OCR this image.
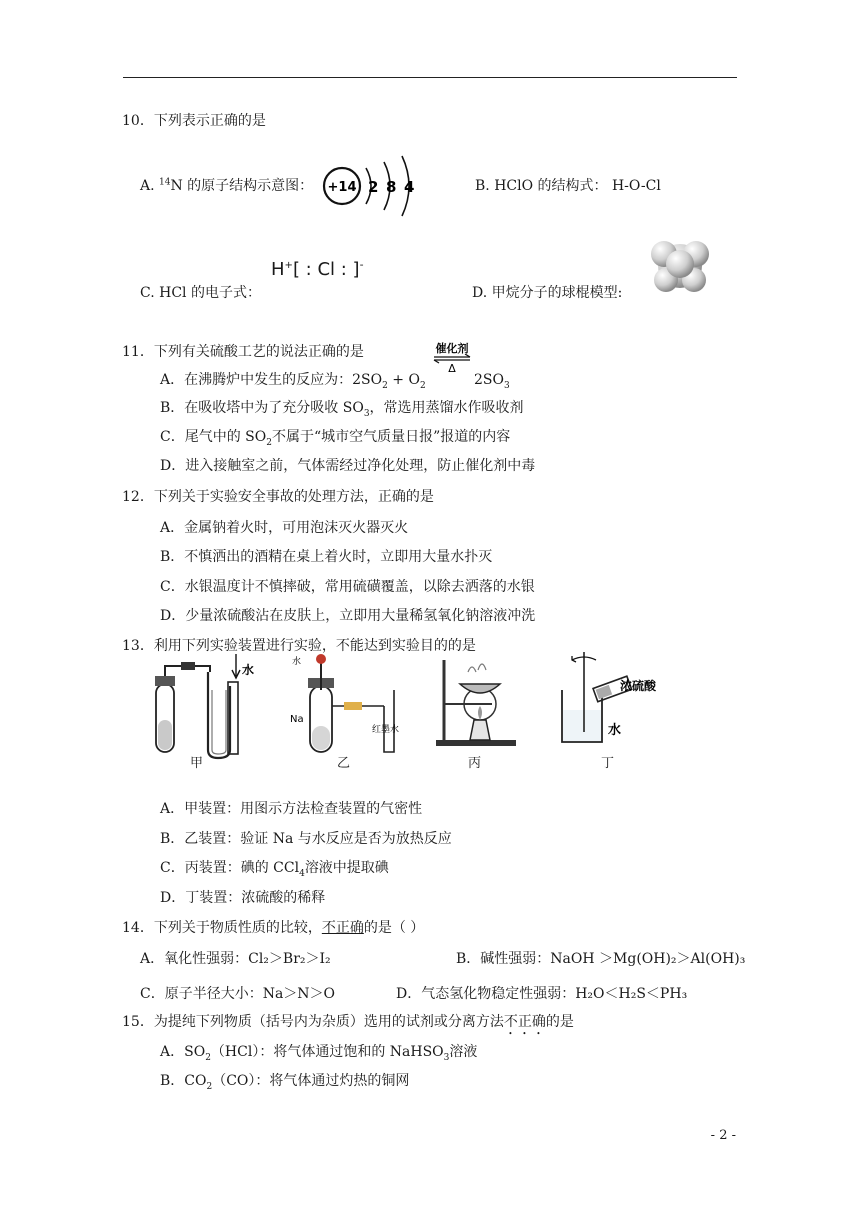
10．下列表示正确的是
A. $^{14}$N 的原子结构示意图： +14 2 8 4	B. HClO 的结构式： H-O-Cl
C. HCl 的电子式：
H+[ : Cl : ]-
D. 甲烷分子的球棍模型:
11．下列有关硫酸工艺的说法正确的是	催化剂
Δ
A．在沸腾炉中发生的反应为：$2SO_2 + O_2$	$2SO_3$
B．在吸收塔中为了充分吸收 $SO_3$，常选用蒸馏水作吸收剂
C．尾气中的 $SO_2$不属于“城市空气质量日报”报道的内容
D．进入接触室之前，气体需经过净化处理，防止催化剂中毒
12．下列关于实验安全事故的处理方法，正确的是
A．金属钠着火时，可用泡沫灭火器灭火
B．不慎洒出的酒精在桌上着火时，立即用大量水扑灭
C．水银温度计不慎摔破，常用硫磺覆盖，以除去洒落的水银
D．少量浓硫酸沾在皮肤上，立即用大量稀氢氧化钠溶液冲洗
13．利用下列实验装置进行实验，不能达到实验目的的是
水
水
Na
红墨水
浓硫酸
水
甲	乙	丙	丁
A．甲装置：用图示方法检查装置的气密性
B．乙装置：验证 Na 与水反应是否为放热反应
C．丙装置：碘的 CCl$_4$溶液中提取碘
D．丁装置：浓硫酸的稀释
14．下列关于物质性质的比较，不正确的是（ ）
A．氧化性强弱：Cl₂＞Br₂＞I₂	B．碱性强弱：NaOH ＞Mg(OH)₂＞Al(OH)₃
C．原子半径大小：Na＞N＞O	D．气态氢化物稳定性强弱：H₂O＜H₂S＜PH₃
15．为提纯下列物质（括号内为杂质）选用的试剂或分离方法不正确的是
A．$SO_2(HCl)$：将气体通过饱和的 NaHSO$_3$溶液
B．$CO_2(CO)$：将气体通过灼热的铜网
- 2 -
